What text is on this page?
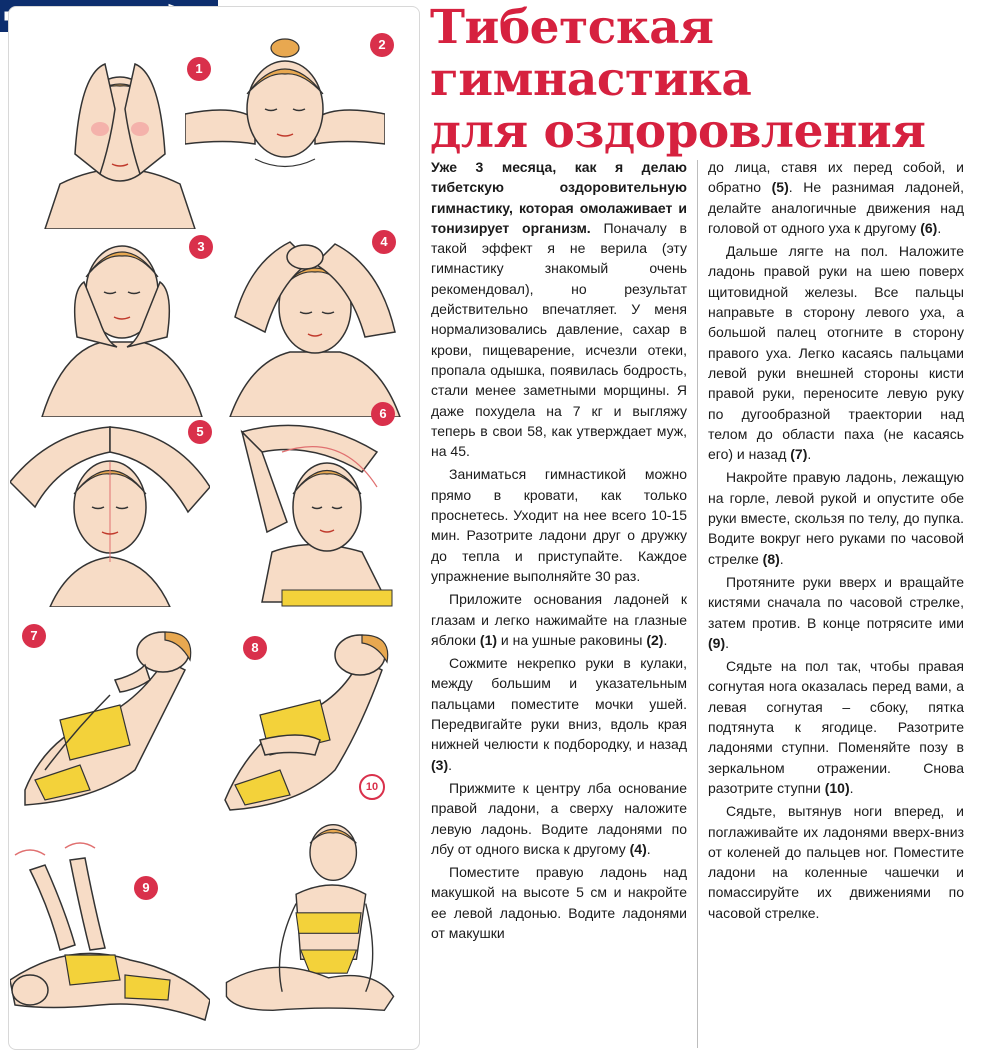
1
2
3	4
5
6
7
8
10
9
Тибетская
гимнастика
для оздоровления

Уже 3 месяца, как я делаю тибетскую оздоровительную гимнастику, которая омолаживает и тонизирует организм. Поначалу в такой эффект я не верила (эту гимнастику знакомый очень рекомендовал), но результат действительно впечатляет. У меня нормализовались давление, сахар в крови, пищеварение, исчезли отеки, пропала одышка, появилась бодрость, стали менее заметными морщины. Я даже похудела на 7 кг и выгляжу теперь в свои 58, как утверждает муж, на 45.

Заниматься гимнастикой можно прямо в кровати, как только проснетесь. Уходит на нее всего 10-15 мин. Разотрите ладони друг о дружку до тепла и приступайте. Каждое упражнение выполняйте 30 раз.

Приложите основания ладоней к глазам и легко нажимайте на глазные яблоки (1) и на ушные раковины (2).

Сожмите некрепко руки в кулаки, между большим и указательным пальцами поместите мочки ушей. Передвигайте руки вниз, вдоль края нижней челюсти к подбородку, и назад (3).

Прижмите к центру лба основание правой ладони, а сверху наложите левую ладонь. Водите ладонями по лбу от одного виска к другому (4).

Поместите правую ладонь над макушкой на высоте 5 см и накройте ее левой ладонью. Водите ладонями от макушки

до лица, ставя их перед собой, и обратно (5). Не разнимая ладоней, делайте аналогичные движения над головой от одного уха к другому (6).

Дальше лягте на пол. Наложите ладонь правой руки на шею поверх щитовидной железы. Все пальцы направьте в сторону левого уха, а большой палец отогните в сторону правого уха. Легко касаясь пальцами левой руки внешней стороны кисти правой руки, переносите левую руку по дугообразной траектории над телом до области паха (не касаясь его) и назад (7).

Накройте правую ладонь, лежащую на горле, левой рукой и опустите обе руки вместе, скользя по телу, до пупка. Водите вокруг него руками по часовой стрелке (8).

Протяните руки вверх и вращайте кистями сначала по часовой стрелке, затем против. В конце потрясите ими (9).

Сядьте на пол так, чтобы правая согнутая нога оказалась перед вами, а левая согнутая – сбоку, пятка подтянута к ягодице. Разотрите ладонями ступни. Поменяйте позу в зеркальном отражении. Снова разотрите ступни (10).

Сядьте, вытянув ноги вперед, и поглаживайте их ладонями вверх-вниз от коленей до пальцев ног. Поместите ладони на коленные чашечки и помассируйте их движениями по часовой стрелке.
